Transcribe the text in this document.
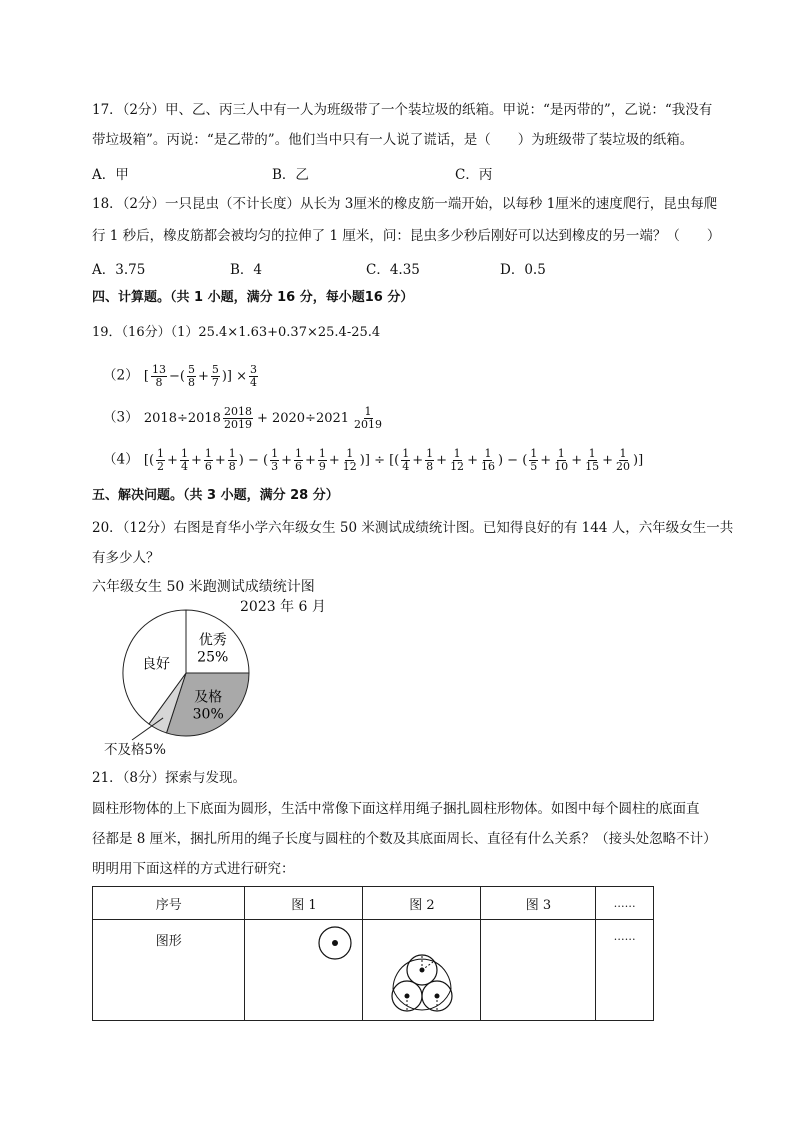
17．（2分）甲、乙、丙三人中有一人为班级带了一个装垃圾的纸箱。甲说：“是丙带的”，乙说：“我没有
带垃圾箱”。丙说：“是乙带的”。他们当中只有一人说了谎话，是（　　）为班级带了装垃圾的纸箱。
A．甲	B．乙	C．丙
18．（2分）一只昆虫（不计长度）从长为 3厘米的橡皮筋一端开始，以每秒 1厘米的速度爬行，昆虫每爬
行 1 秒后，橡皮筋都会被均匀的拉伸了 1 厘米，问：昆虫多少秒后刚好可以达到橡皮的另一端？（　　）
A．3.75	B．4	C．4.35	D．0.5
四、计算题。（共 1 小题，满分 16 分，每小题16 分）
19．（16分）（1）25.4×1.63+0.37×25.4-25.4
（2） [ $\frac{13}{8}$ −( $\frac{5}{8} + \frac{5}{7}$ )] × $\frac{3}{4}$
（3） $2018\div 2018 \frac{2018}{2019} + 2020\div 2021 \frac{1}{2019}$
（4） [( $\frac{1}{2} + \frac{1}{4} + \frac{1}{6} + \frac{1}{8}$ ) − ( $\frac{1}{3} + \frac{1}{6} + \frac{1}{9} + \frac{1}{12}$ )] ÷ [( $\frac{1}{4} + \frac{1}{8} + \frac{1}{12} + \frac{1}{16}$ ) − ( $\frac{1}{5} + \frac{1}{10} + \frac{1}{15} + \frac{1}{20}$ )]
五、解决问题。（共 3 小题，满分 28 分）
20．（12分）右图是育华小学六年级女生 50 米测试成绩统计图。已知得良好的有 144 人，六年级女生一共
有多少人？
六年级女生 50 米跑测试成绩统计图
2023 年 6 月
优秀
25%
及格
30%
良好
不及格5%
21．（8分）探索与发现。
圆柱形物体的上下底面为圆形，生活中常像下面这样用绳子捆扎圆柱形物体。如图中每个圆柱的底面直
径都是 8 厘米，捆扎所用的绳子长度与圆柱的个数及其底面周长、直径有什么关系？（接头处忽略不计）
明明用下面这样的方式进行研究：
序号	图 1	图 2	图 3	……

图形				……
